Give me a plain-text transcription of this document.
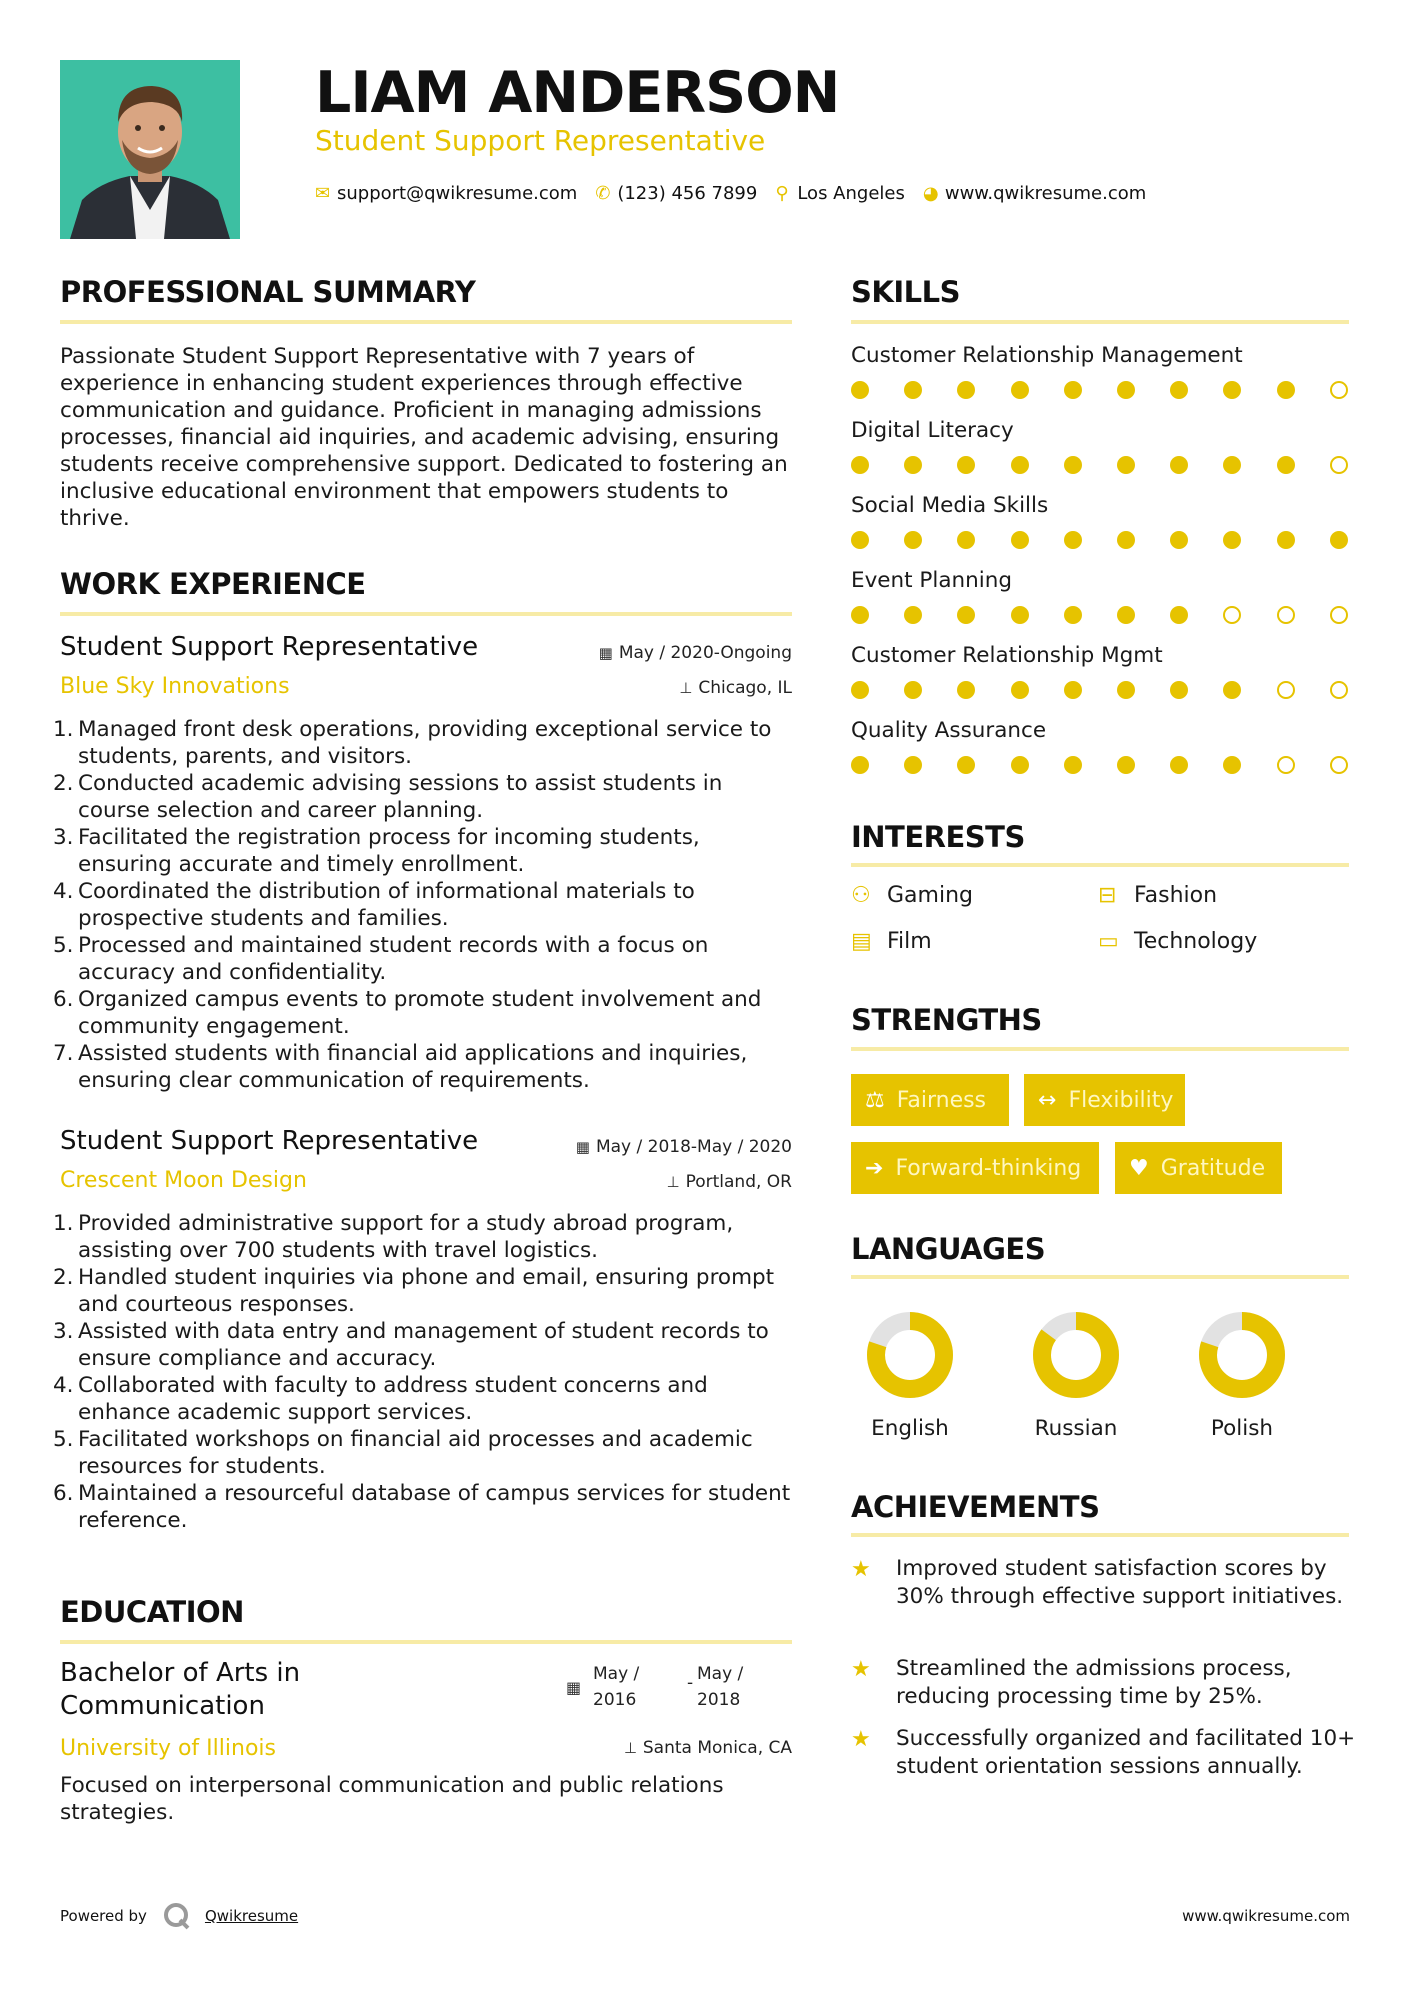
LIAM ANDERSON
Student Support Representative
✉ support@qwikresume.com ✆ (123) 456 7899 ⚲ Los Angeles ◕ www.qwikresume.com
PROFESSIONAL SUMMARY
Passionate Student Support Representative with 7 years of experience in enhancing student experiences through effective communication and guidance. Proficient in managing admissions processes, financial aid inquiries, and academic advising, ensuring students receive comprehensive support. Dedicated to fostering an inclusive educational environment that empowers students to thrive.
WORK EXPERIENCE
Student Support Representative
Blue Sky Innovations
▦ May / 2020-Ongoing
⊥ Chicago, IL
1. Managed front desk operations, providing exceptional service to students, parents, and visitors.
2. Conducted academic advising sessions to assist students in course selection and career planning.
3. Facilitated the registration process for incoming students, ensuring accurate and timely enrollment.
4. Coordinated the distribution of informational materials to prospective students and families.
5. Processed and maintained student records with a focus on accuracy and confidentiality.
6. Organized campus events to promote student involvement and community engagement.
7. Assisted students with financial aid applications and inquiries, ensuring clear communication of requirements.
Student Support Representative
Crescent Moon Design
▦ May / 2018-May / 2020
⊥ Portland, OR
1. Provided administrative support for a study abroad program, assisting over 700 students with travel logistics.
2. Handled student inquiries via phone and email, ensuring prompt and courteous responses.
3. Assisted with data entry and management of student records to ensure compliance and accuracy.
4. Collaborated with faculty to address student concerns and enhance academic support services.
5. Facilitated workshops on financial aid processes and academic resources for students.
6. Maintained a resourceful database of campus services for student reference.
EDUCATION
Bachelor of Arts in Communication
University of Illinois
▦
May / 2016
- May / 2018
⊥ Santa Monica, CA
Focused on interpersonal communication and public relations strategies.
SKILLS
Customer Relationship Management
Digital Literacy
Social Media Skills
Event Planning
Customer Relationship Mgmt
Quality Assurance
INTERESTS
⚇ Gaming	⊟ Fashion
▤ Film	▭ Technology
STRENGTHS
⚖ Fairness ↔ Flexibility
➔ Forward-thinking ♥ Gratitude
LANGUAGES
English	Russian	Polish
ACHIEVEMENTS
★ Improved student satisfaction scores by 30% through effective support initiatives.
★ Streamlined the admissions process, reducing processing time by 25%.
★ Successfully organized and facilitated 10+ student orientation sessions annually.
Powered by	Qwikresume	www.qwikresume.com
